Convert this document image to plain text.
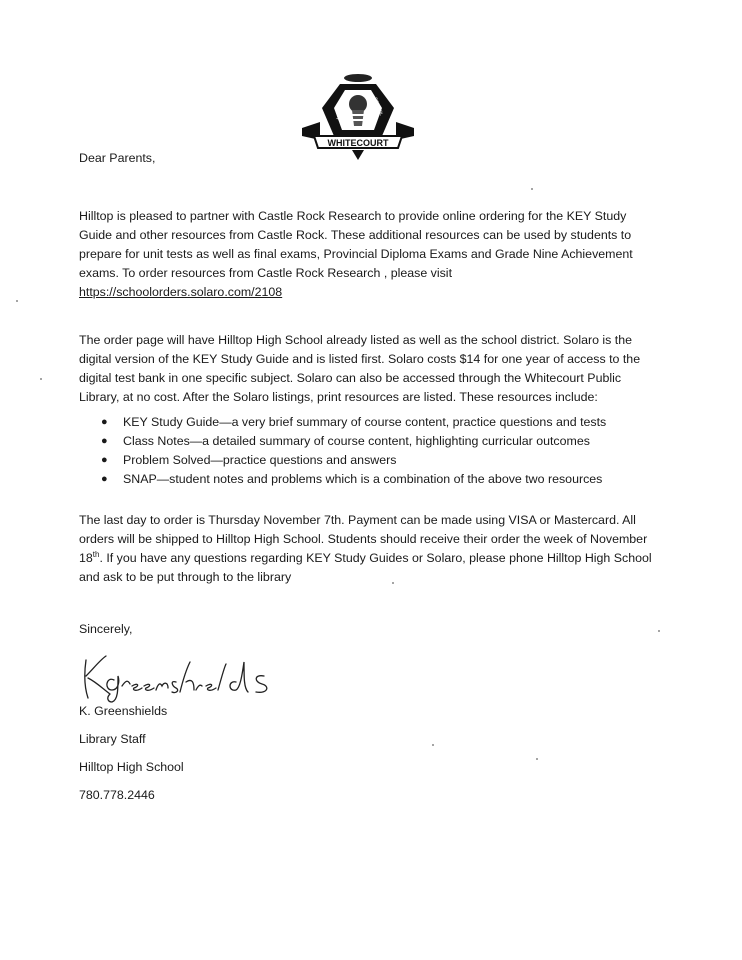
WHITECOURT
HILLTOP	SCHOOL
Dear Parents,
Hilltop is pleased to partner with Castle Rock Research to provide online ordering for the KEY Study
Guide and other resources from Castle Rock. These additional resources can be used by students to
prepare for unit tests as well as final exams, Provincial Diploma Exams and Grade Nine Achievement
exams. To order resources from Castle Rock Research , please visit
https://schoolorders.solaro.com/2108
The order page will have Hilltop High School already listed as well as the school district. Solaro is the
digital version of the KEY Study Guide and is listed first. Solaro costs $14 for one year of access to the
digital test bank in one specific subject. Solaro can also be accessed through the Whitecourt Public
Library, at no cost. After the Solaro listings, print resources are listed. These resources include:
● KEY Study Guide—a very brief summary of course content, practice questions and tests
● Class Notes—a detailed summary of course content, highlighting curricular outcomes
● Problem Solved—practice questions and answers
● SNAP—student notes and problems which is a combination of the above two resources
The last day to order is Thursday November 7th. Payment can be made using VISA or Mastercard. All
orders will be shipped to Hilltop High School. Students should receive their order the week of November
18th. If you have any questions regarding KEY Study Guides or Solaro, please phone Hilltop High School
and ask to be put through to the library
Sincerely,
K. Greenshields
Library Staff
Hilltop High School
780.778.2446
